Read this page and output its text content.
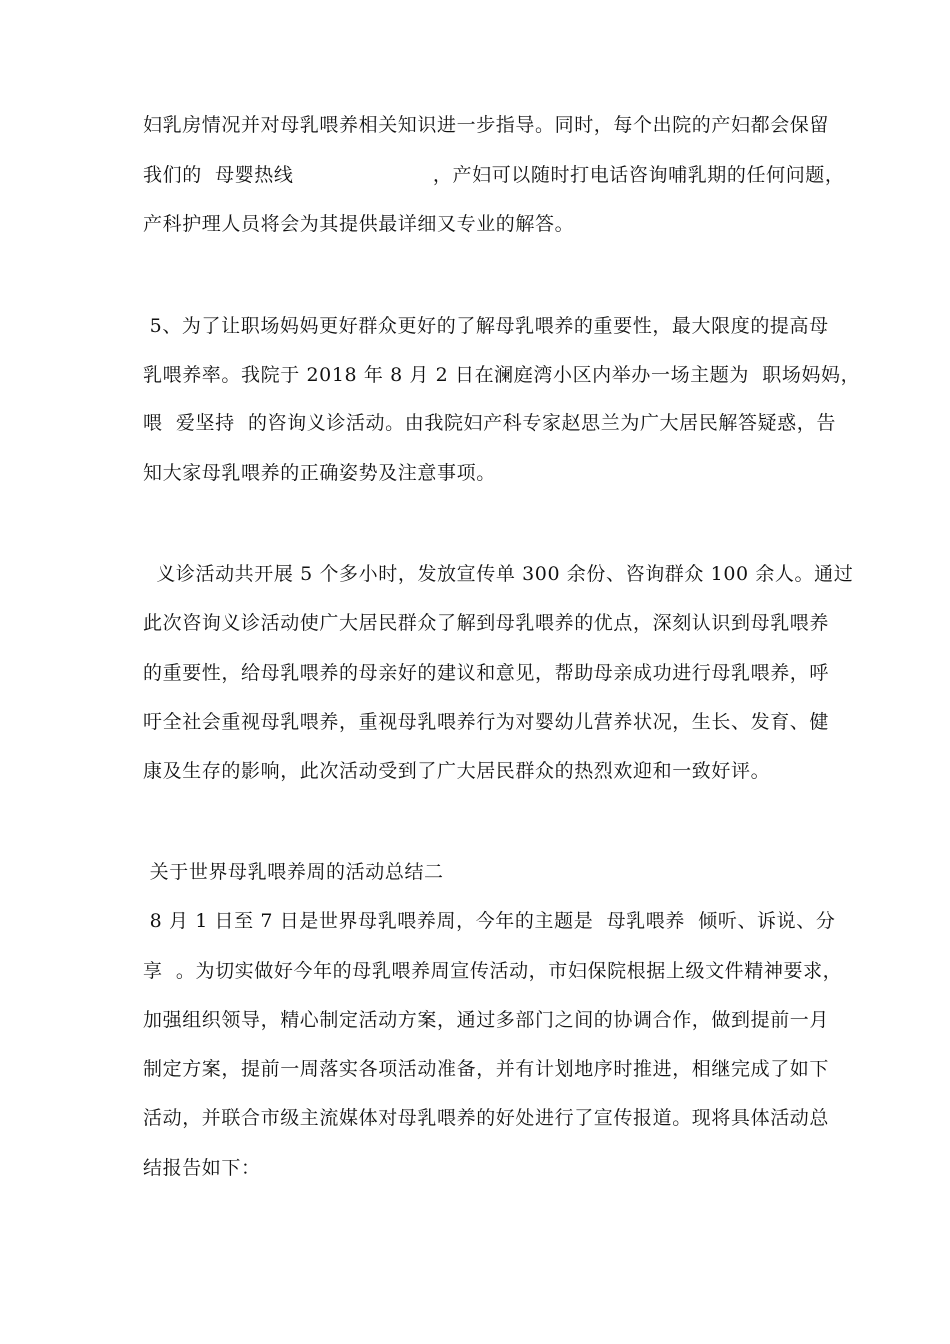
妇乳房情况并对母乳喂养相关知识进一步指导。同时，每个出院的产妇都会保留
我们的  母婴热线                     ，产妇可以随时打电话咨询哺乳期的任何问题，
产科护理人员将会为其提供最详细又专业的解答。
5、为了让职场妈妈更好群众更好的了解母乳喂养的重要性，最大限度的提高母
乳喂养率。我院于 2018 年 8 月 2 日在澜庭湾小区内举办一场主题为  职场妈妈，
喂  爱坚持  的咨询义诊活动。由我院妇产科专家赵思兰为广大居民解答疑惑，告
知大家母乳喂养的正确姿势及注意事项。
义诊活动共开展 5 个多小时，发放宣传单 300 余份、咨询群众 100 余人。通过
此次咨询义诊活动使广大居民群众了解到母乳喂养的优点，深刻认识到母乳喂养
的重要性，给母乳喂养的母亲好的建议和意见，帮助母亲成功进行母乳喂养，呼
吁全社会重视母乳喂养，重视母乳喂养行为对婴幼儿营养状况，生长、发育、健
康及生存的影响，此次活动受到了广大居民群众的热烈欢迎和一致好评。
关于世界母乳喂养周的活动总结二
8 月 1 日至 7 日是世界母乳喂养周，今年的主题是  母乳喂养  倾听、诉说、分
享  。为切实做好今年的母乳喂养周宣传活动，市妇保院根据上级文件精神要求，
加强组织领导，精心制定活动方案，通过多部门之间的协调合作，做到提前一月
制定方案，提前一周落实各项活动准备，并有计划地序时推进，相继完成了如下
活动，并联合市级主流媒体对母乳喂养的好处进行了宣传报道。现将具体活动总
结报告如下：
